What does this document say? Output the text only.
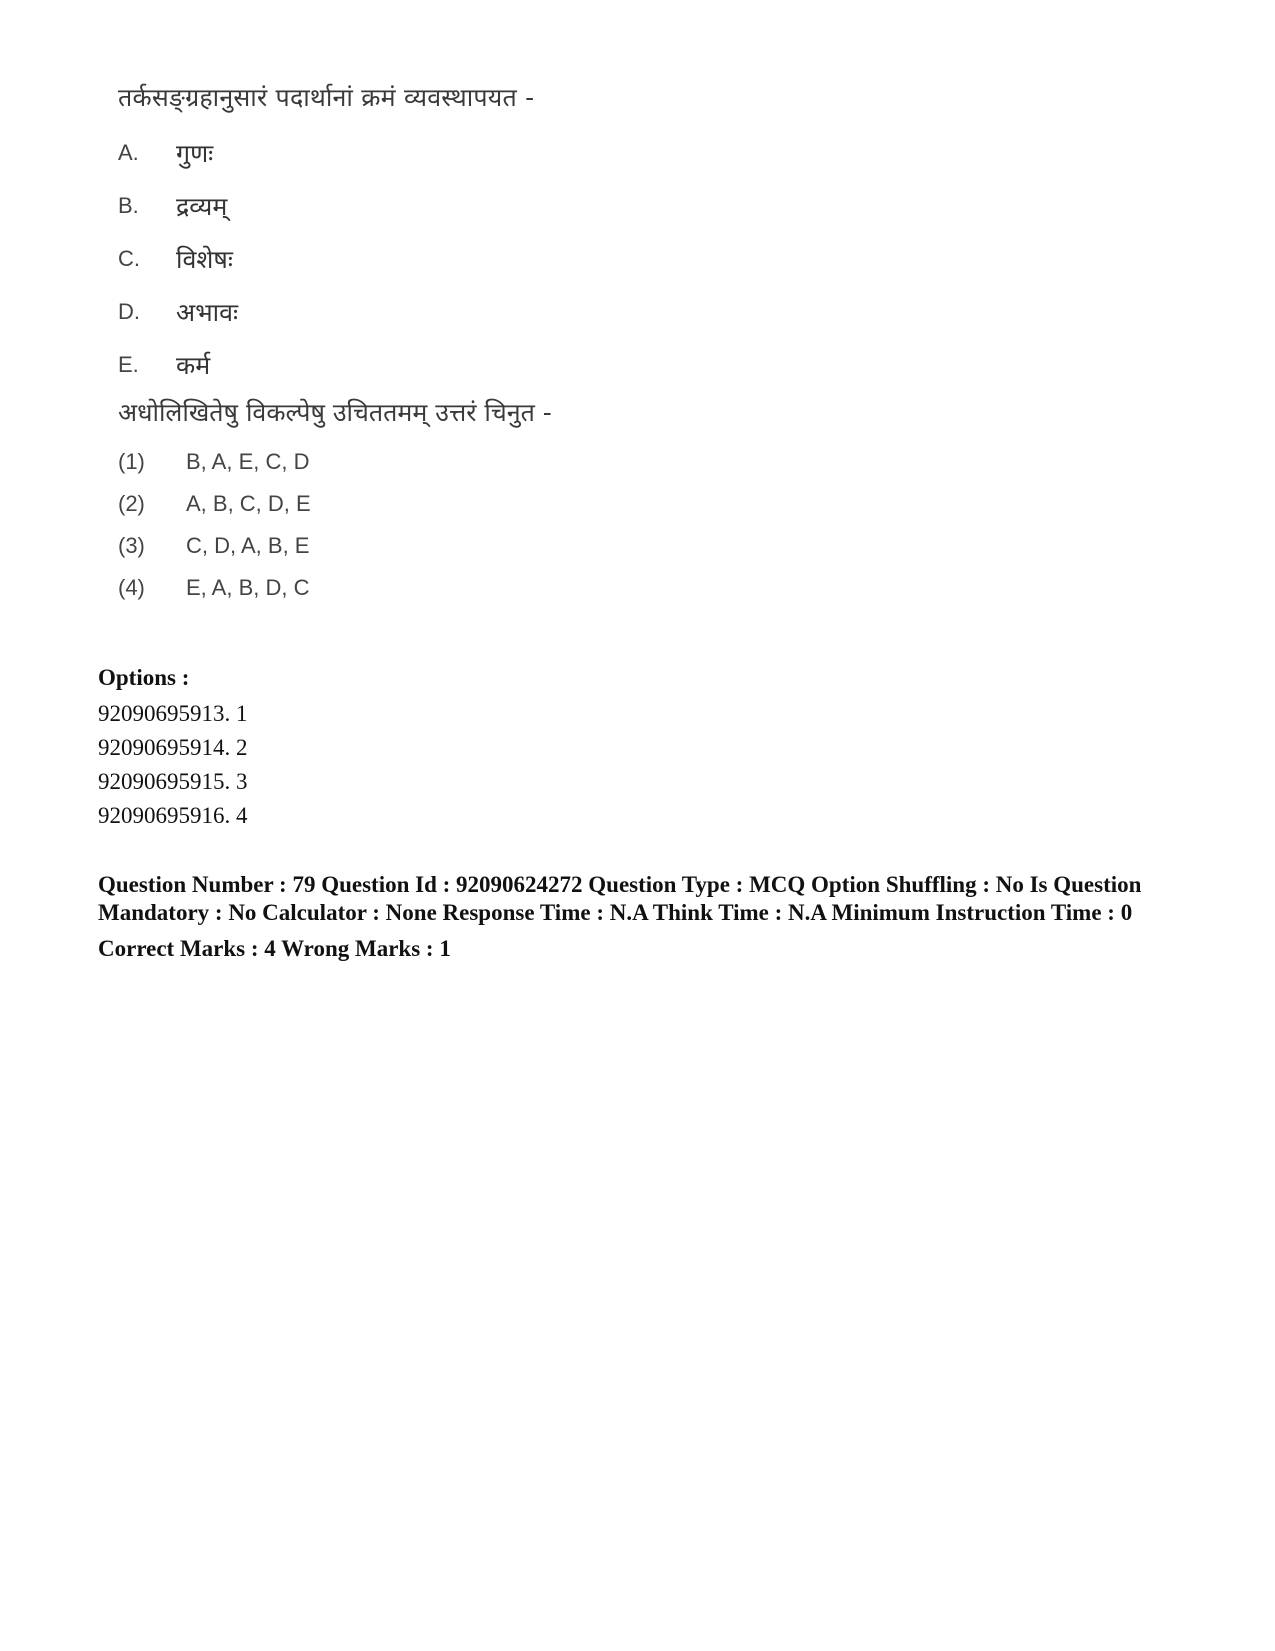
तर्कसङ्ग्रहानुसारं पदार्थानां क्रमं व्यवस्थापयत -
A.	गुणः
B.	द्रव्यम्
C.	विशेषः
D.	अभावः
E.	कर्म
अधोलिखितेषु विकल्पेषु उचिततमम् उत्तरं चिनुत -
(1)	B, A, E, C, D
(2)	A, B, C, D, E
(3)	C, D, A, B, E
(4)	E, A, B, D, C
Options :
92090695913. 1
92090695914. 2
92090695915. 3
92090695916. 4
Question Number : 79 Question Id : 92090624272 Question Type : MCQ Option Shuffling : No Is Question Mandatory : No Calculator : None Response Time : N.A Think Time : N.A Minimum Instruction Time : 0
Correct Marks : 4 Wrong Marks : 1
